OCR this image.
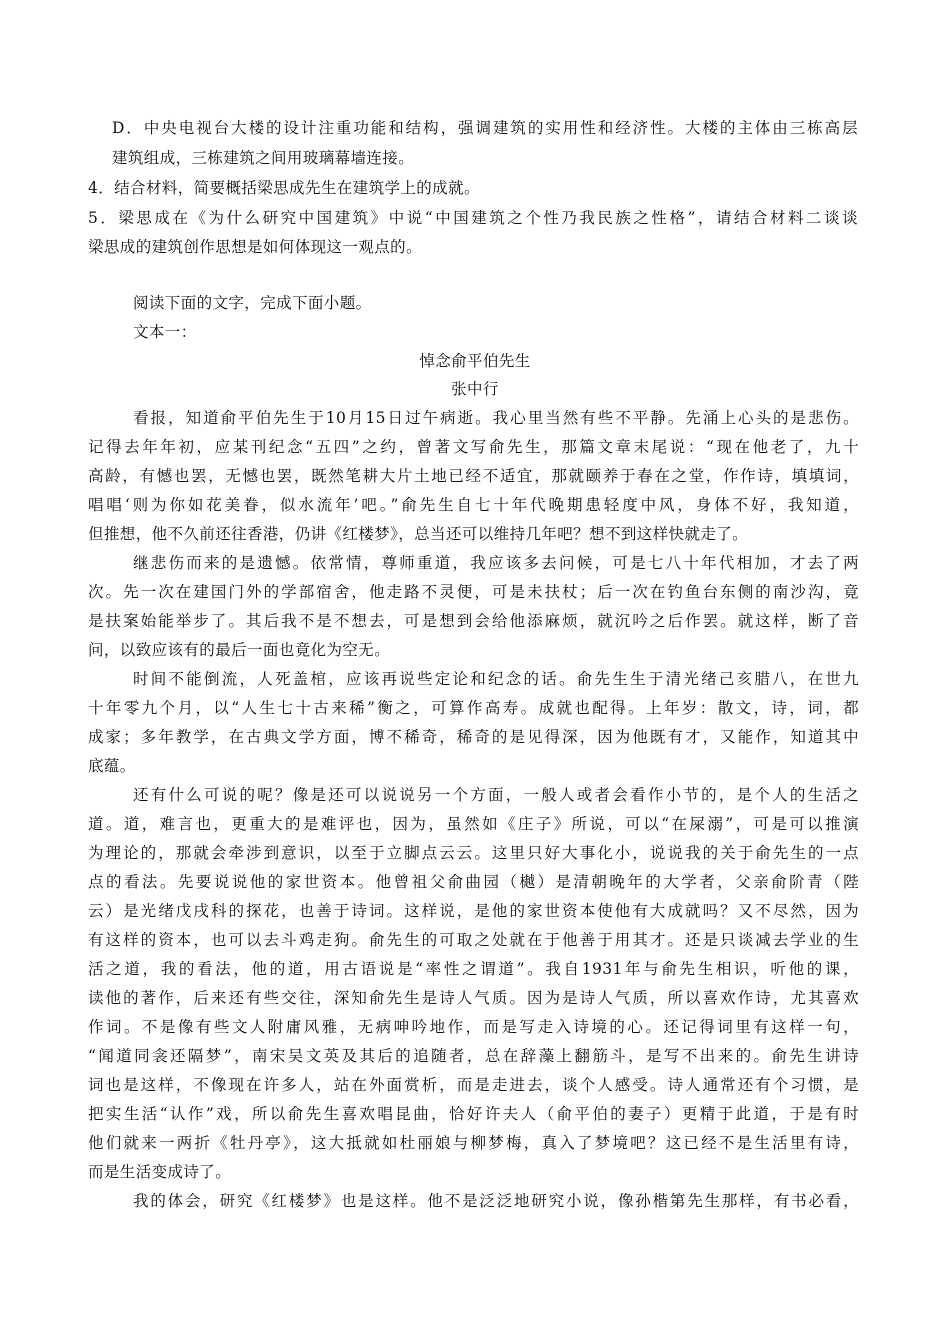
D．中央电视台大楼的设计注重功能和结构，强调建筑的实用性和经济性。大楼的主体由三栋高层

建筑组成，三栋建筑之间用玻璃幕墙连接。

4．结合材料，简要概括梁思成先生在建筑学上的成就。

5．梁思成在《为什么研究中国建筑》中说“中国建筑之个性乃我民族之性格”，请结合材料二谈谈

梁思成的建筑创作思想是如何体现这一观点的。

阅读下面的文字，完成下面小题。

文本一：

悼念俞平伯先生

张中行

看报，知道俞平伯先生于10月15日过午病逝。我心里当然有些不平静。先涌上心头的是悲伤。

记得去年年初，应某刊纪念“五四”之约，曾著文写俞先生，那篇文章末尾说：“现在他老了，九十

高龄，有憾也罢，无憾也罢，既然笔耕大片土地已经不适宜，那就颐养于春在之堂，作作诗，填填词，

唱唱‘则为你如花美眷，似水流年’吧。”俞先生自七十年代晚期患轻度中风，身体不好，我知道，

但推想，他不久前还往香港，仍讲《红楼梦》，总当还可以维持几年吧？想不到这样快就走了。

继悲伤而来的是遗憾。依常情，尊师重道，我应该多去问候，可是七八十年代相加，才去了两

次。先一次在建国门外的学部宿舍，他走路不灵便，可是未扶杖；后一次在钓鱼台东侧的南沙沟，竟

是扶案始能举步了。其后我不是不想去，可是想到会给他添麻烦，就沉吟之后作罢。就这样，断了音

问，以致应该有的最后一面也竟化为空无。

时间不能倒流，人死盖棺，应该再说些定论和纪念的话。俞先生生于清光绪己亥腊八，在世九

十年零九个月，以“人生七十古来稀”衡之，可算作高寿。成就也配得。上年岁：散文，诗，词，都

成家；多年教学，在古典文学方面，博不稀奇，稀奇的是见得深，因为他既有才，又能作，知道其中

底蕴。

还有什么可说的呢？像是还可以说说另一个方面，一般人或者会看作小节的，是个人的生活之

道。道，难言也，更重大的是难评也，因为，虽然如《庄子》所说，可以“在屎溺”，可是可以推演

为理论的，那就会牵涉到意识，以至于立脚点云云。这里只好大事化小，说说我的关于俞先生的一点

点的看法。先要说说他的家世资本。他曾祖父俞曲园（樾）是清朝晚年的大学者，父亲俞阶青（陛

云）是光绪戊戌科的探花，也善于诗词。这样说，是他的家世资本使他有大成就吗？又不尽然，因为

有这样的资本，也可以去斗鸡走狗。俞先生的可取之处就在于他善于用其才。还是只谈减去学业的生

活之道，我的看法，他的道，用古语说是“率性之谓道”。我自1931年与俞先生相识，听他的课，

读他的著作，后来还有些交往，深知俞先生是诗人气质。因为是诗人气质，所以喜欢作诗，尤其喜欢

作词。不是像有些文人附庸风雅，无病呻吟地作，而是写走入诗境的心。还记得词里有这样一句，

“闻道同衾还隔梦”，南宋吴文英及其后的追随者，总在辞藻上翻筋斗，是写不出来的。俞先生讲诗

词也是这样，不像现在许多人，站在外面赏析，而是走进去，谈个人感受。诗人通常还有个习惯，是

把实生活“认作”戏，所以俞先生喜欢唱昆曲，恰好许夫人（俞平伯的妻子）更精于此道，于是有时

他们就来一两折《牡丹亭》，这大抵就如杜丽娘与柳梦梅，真入了梦境吧？这已经不是生活里有诗，

而是生活变成诗了。

我的体会，研究《红楼梦》也是这样。他不是泛泛地研究小说，像孙楷第先生那样，有书必看，
